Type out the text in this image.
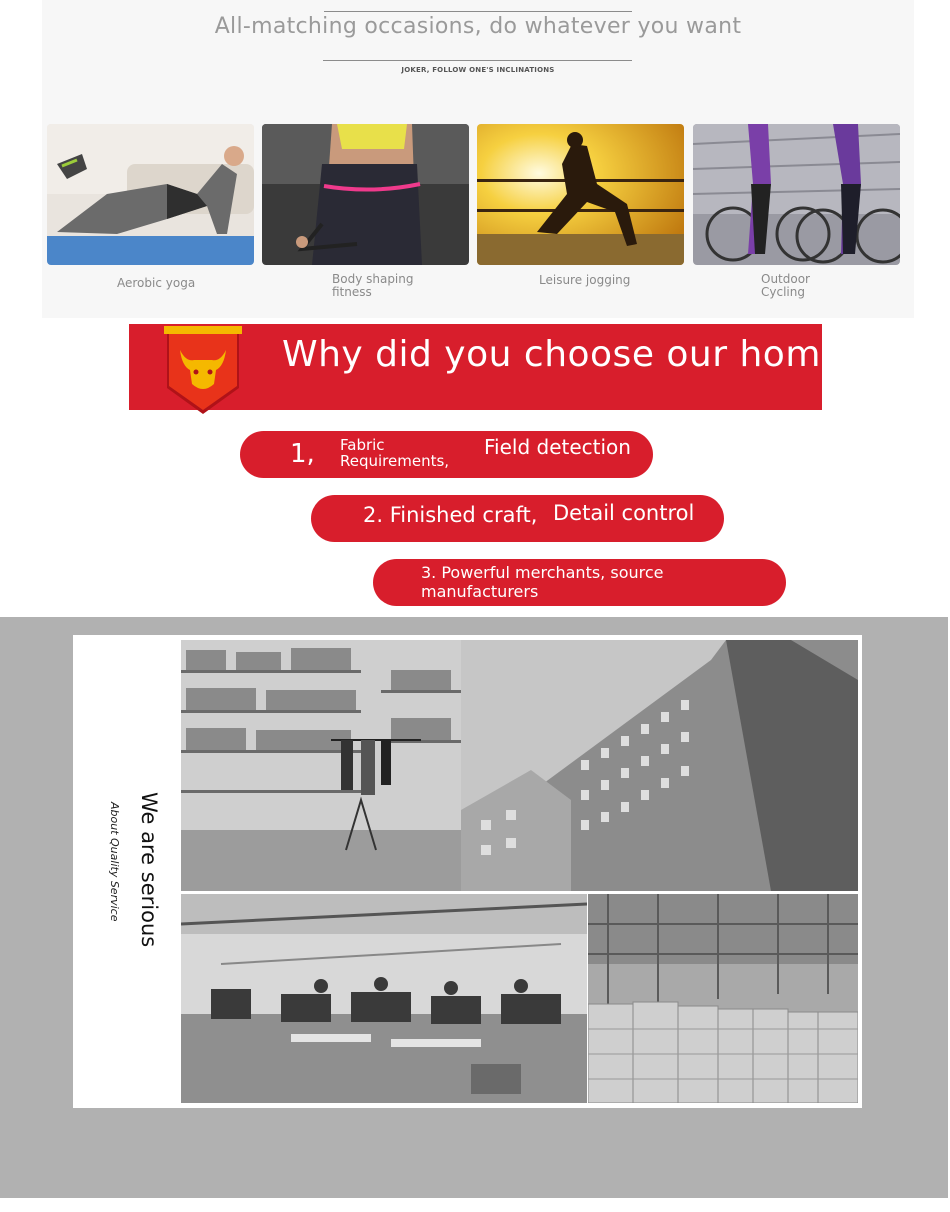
All-matching occasions, do whatever you want
JOKER, FOLLOW ONE'S INCLINATIONS
Aerobic yoga	Body shaping
fitness
Leisure jogging	Outdoor
Cycling
Why did you choose our home
1, Fabric
Requirements,
Field detection
2. Finished craft, Detail control
3. Powerful merchants, source
manufacturers
We are serious
About Quality Service
